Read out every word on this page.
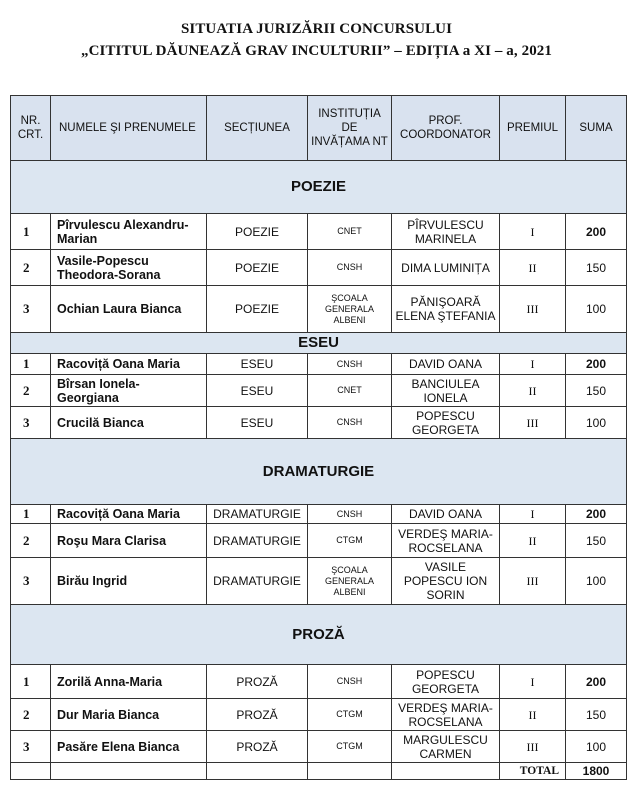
SITUATIA JURIZĂRII CONCURSULUI
„CITITUL DĂUNEAZĂ GRAV INCULTURII” – EDIȚIA a XI – a, 2021
NR. CRT.	NUMELE ŞI PRENUMELE	SECȚIUNEA	INSTITUȚIA DE INVĂȚAMA NT	PROF. COORDONATOR	PREMIUL	SUMA
POEZIE						
1	Pîrvulescu Alexandru-Marian	POEZIE	CNET	PÎRVULESCU MARINELA	I	200
2	Vasile-Popescu Theodora-Sorana	POEZIE	CNSH	DIMA LUMINIȚA	II	150
3	Ochian Laura Bianca	POEZIE	ŞCOALA GENERALA ALBENI	PĂNIŞOARĂ ELENA ŞTEFANIA	III	100
ESEU						
1	Racoviță Oana Maria	ESEU	CNSH	DAVID OANA	I	200
2	Bîrsan Ionela- Georgiana	ESEU	CNET	BANCIULEA IONELA	II	150
3	Crucilă Bianca	ESEU	CNSH	POPESCU GEORGETA	III	100
DRAMATURGIE						
1	Racoviță Oana Maria	DRAMATURGIE	CNSH	DAVID OANA	I	200
2	Roşu Mara Clarisa	DRAMATURGIE	CTGM	VERDEŞ MARIA-ROCSELANA	II	150
3	Birău Ingrid	DRAMATURGIE	ŞCOALA GENERALA ALBENI	VASILE POPESCU ION SORIN	III	100
PROZĂ						
1	Zorilă Anna-Maria	PROZĂ	CNSH	POPESCU GEORGETA	I	200
2	Dur Maria Bianca	PROZĂ	CTGM	VERDEŞ MARIA-ROCSELANA	II	150
3	Pasăre Elena Bianca	PROZĂ	CTGM	MARGULESCU CARMEN	III	100
					TOTAL	1800
